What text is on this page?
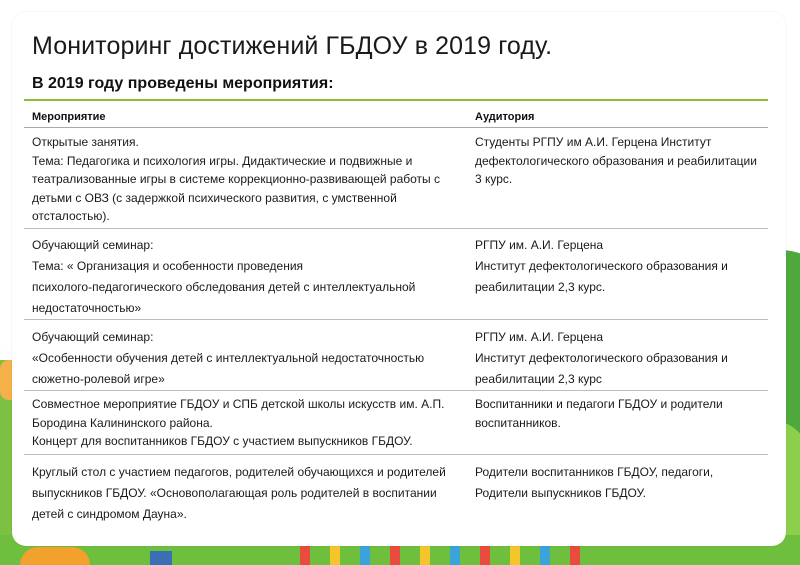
Мониторинг достижений ГБДОУ в 2019 году.
В 2019 году проведены мероприятия:
Мероприятие	Аудитория

Открытые занятия.

Тема: Педагогика и психология игры. Дидактические и подвижные и

театрализованные игры в системе коррекционно-развивающей работы с

детьми с ОВЗ (с задержкой психического развития, с умственной

отсталостью).

Студенты РГПУ им А.И. Герцена Институт

дефектологического образования и реабилитации

3 курс.

Обучающий семинар:

Тема: « Организация и особенности проведения

психолого-педагогического обследования детей с интеллектуальной

недостаточностью»

РГПУ им. А.И. Герцена

Институт дефектологического образования и

реабилитации 2,3 курс.

Обучающий семинар:

«Особенности обучения детей с интеллектуальной недостаточностью

сюжетно-ролевой игре»

РГПУ им. А.И. Герцена

Институт дефектологического образования и

реабилитации 2,3 курс

Совместное мероприятие ГБДОУ и СПБ детской школы искусств им. А.П.

Бородина Калининского района.

Концерт для воспитанников ГБДОУ с участием выпускников ГБДОУ.

Воспитанники и педагоги ГБДОУ и родители

воспитанников.

Круглый стол с участием педагогов, родителей обучающихся и родителей

выпускников ГБДОУ. «Основополагающая роль родителей в воспитании

детей с синдромом Дауна».

Родители воспитанников ГБДОУ, педагоги,

Родители выпускников ГБДОУ.
